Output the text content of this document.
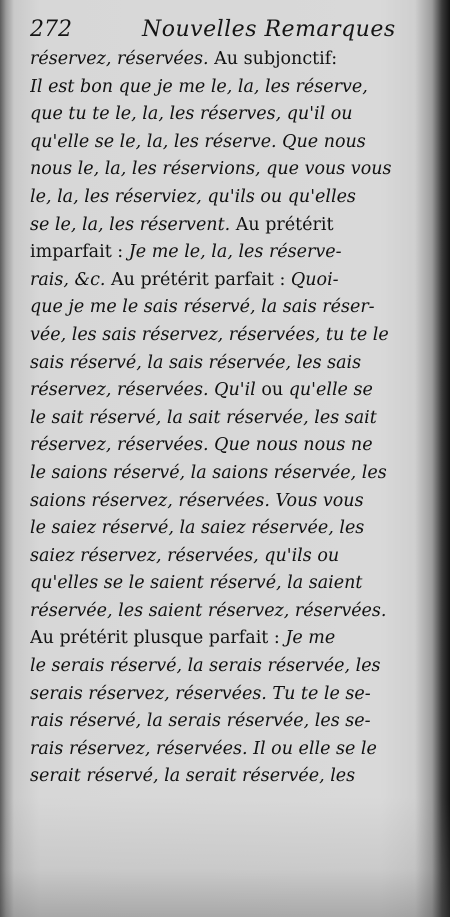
272	Nouvelles Remarques
réservez, réservées. Au subjonctif:
Il est bon que je me le, la, les réserve,
que tu te le, la, les réserves, qu'il ou
qu'elle se le, la, les réserve. Que nous
nous le, la, les réservions, que vous vous
le, la, les réserviez, qu'ils ou qu'elles
se le, la, les réservent. Au prétérit
imparfait : Je me le, la, les réserve-
rais, &c. Au prétérit parfait : Quoi-
que je me le sais réservé, la sais réser-
vée, les sais réservez, réservées, tu te le
sais réservé, la sais réservée, les sais
réservez, réservées. Qu'il ou qu'elle se
le sait réservé, la sait réservée, les sait
réservez, réservées. Que nous nous ne
le saions réservé, la saions réservée, les
saions réservez, réservées. Vous vous
le saiez réservé, la saiez réservée, les
saiez réservez, réservées, qu'ils ou
qu'elles se le saient réservé, la saient
réservée, les saient réservez, réservées.
Au prétérit plusque parfait : Je me
le serais réservé, la serais réservée, les
serais réservez, réservées. Tu te le se-
rais réservé, la serais réservée, les se-
rais réservez, réservées. Il ou elle se le
serait réservé, la serait réservée, les
